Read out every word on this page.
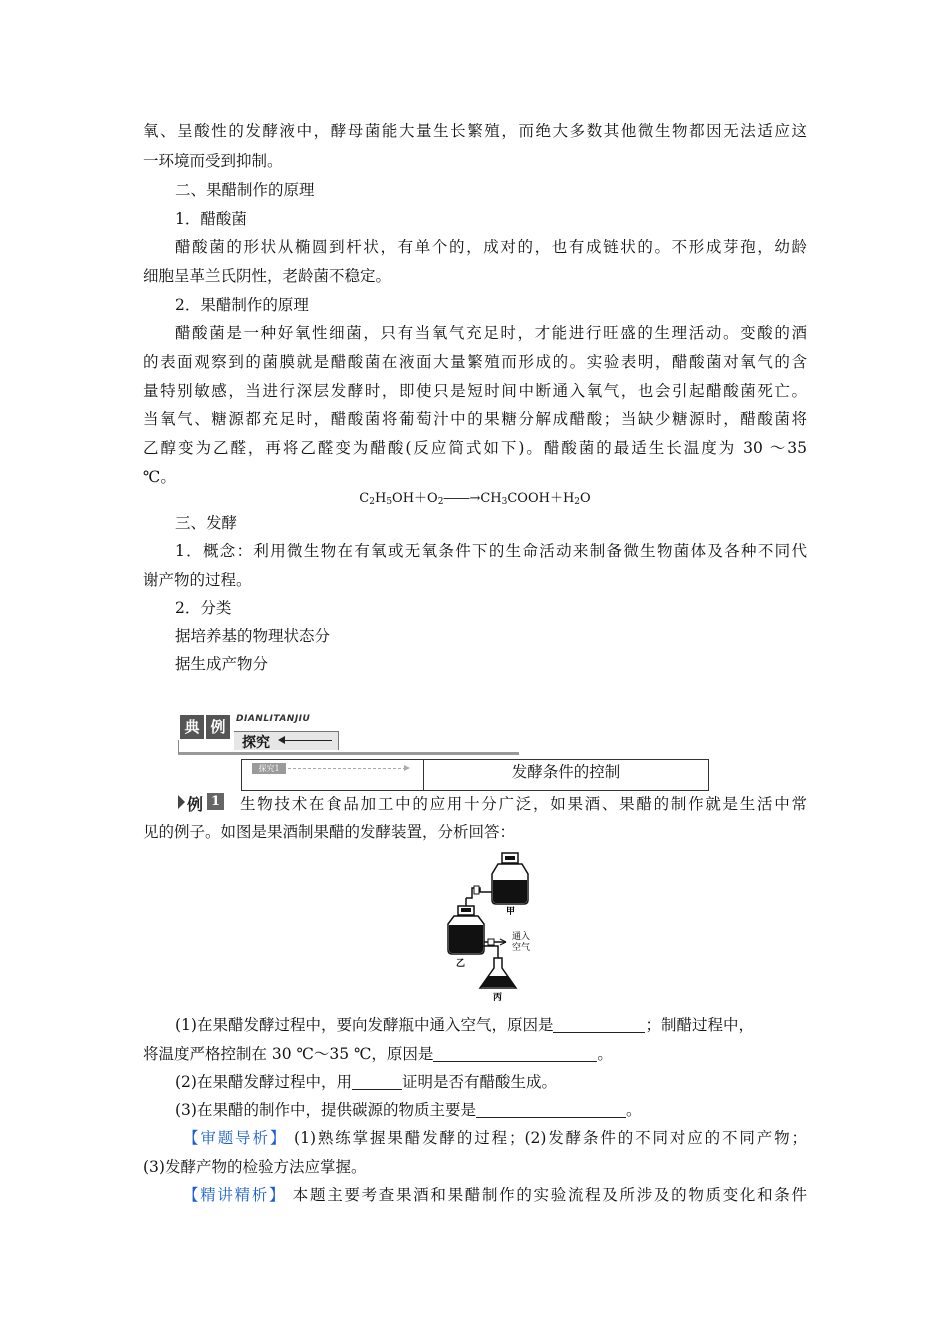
氧、呈酸性的发酵液中，酵母菌能大量生长繁殖，而绝大多数其他微生物都因无法适应这
一环境而受到抑制。
二、果醋制作的原理
1．醋酸菌
醋酸菌的形状从椭圆到杆状，有单个的，成对的，也有成链状的。不形成芽孢，幼龄
细胞呈革兰氏阴性，老龄菌不稳定。
2．果醋制作的原理
醋酸菌是一种好氧性细菌，只有当氧气充足时，才能进行旺盛的生理活动。变酸的酒
的表面观察到的菌膜就是醋酸菌在液面大量繁殖而形成的。实验表明，醋酸菌对氧气的含
量特别敏感，当进行深层发酵时，即使只是短时间中断通入氧气，也会引起醋酸菌死亡。
当氧气、糖源都充足时，醋酸菌将葡萄汁中的果糖分解成醋酸；当缺少糖源时，醋酸菌将
乙醇变为乙醛，再将乙醛变为醋酸(反应简式如下)。醋酸菌的最适生长温度为 30 ～35
℃。
$C_2H_5OH+O_2――\to CH_3COOH+H_2O$
三、发酵
1．概念：利用微生物在有氧或无氧条件下的生命活动来制备微生物菌体及各种不同代
谢产物的过程。
2．分类
据培养基的物理状态分
据生成产物分
典 例	DIANLITANJIU
探究
探究1	发酵条件的控制
例 1 生物技术在食品加工中的应用十分广泛，如果酒、果醋的制作就是生活中常
见的例子。如图是果酒制果醋的发酵装置，分析回答：
甲
乙
通入
空气
丙
(1)在果醋发酵过程中，要向发酵瓶中通入空气，原因是	；制醋过程中，
将温度严格控制在 30 ℃～35 ℃，原因是	。
(2)在果醋发酵过程中，用	证明是否有醋酸生成。
(3)在果醋的制作中，提供碳源的物质主要是	。
【审题导析】 (1)熟练掌握果醋发酵的过程；(2)发酵条件的不同对应的不同产物；
(3)发酵产物的检验方法应掌握。
【精讲精析】 本题主要考查果酒和果醋制作的实验流程及所涉及的物质变化和条件
